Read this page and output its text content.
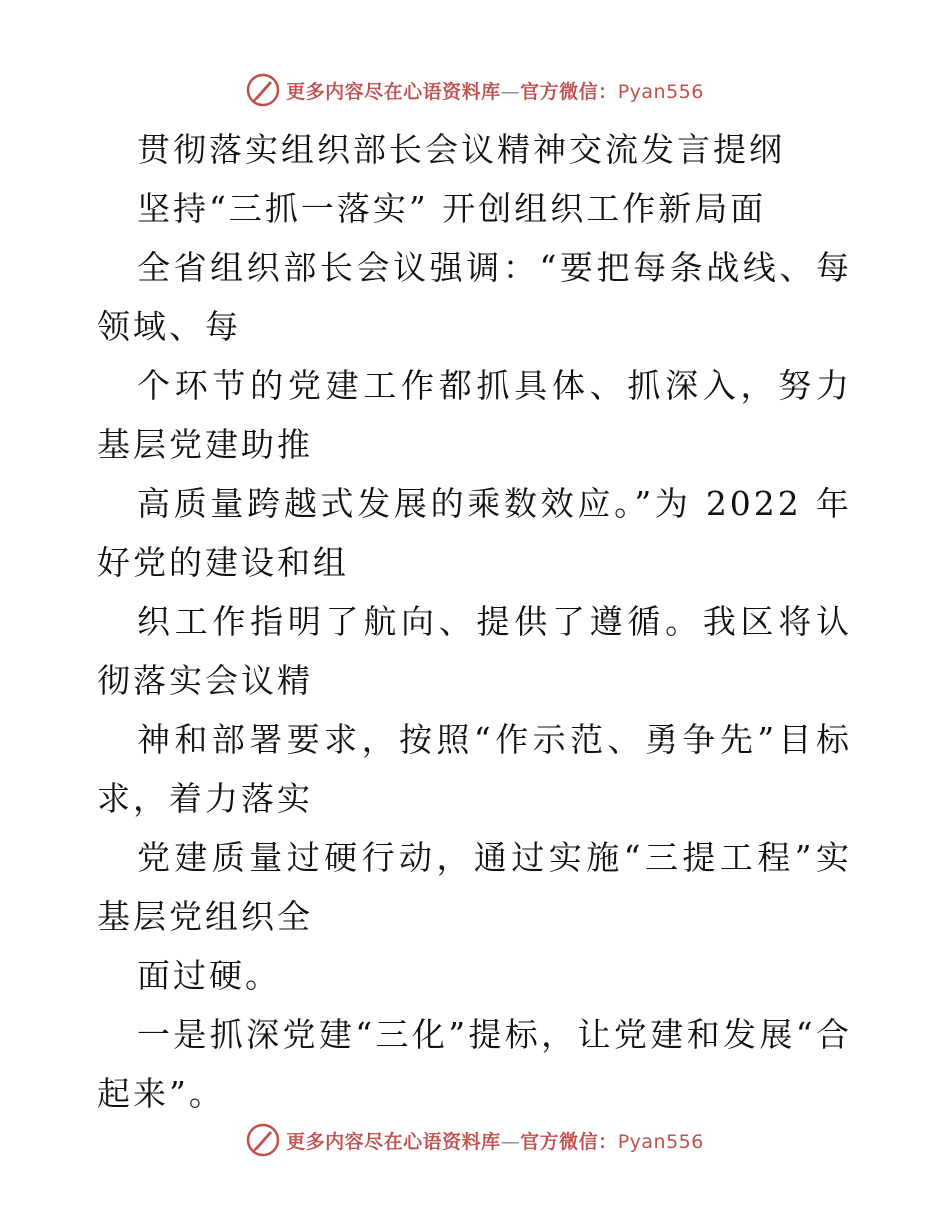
更多内容尽在心语资料库—官方微信：Pyan556
贯彻落实组织部长会议精神交流发言提纲
坚持“三抓一落实” 开创组织工作新局面
全省组织部长会议强调：“要把每条战线、每
领域、每
个环节的党建工作都抓具体、抓深入，努力
基层党建助推
高质量跨越式发展的乘数效应。”为 2022 年
好党的建设和组
织工作指明了航向、提供了遵循。我区将认
彻落实会议精
神和部署要求，按照“作示范、勇争先”目标
求，着力落实
党建质量过硬行动，通过实施“三提工程”实
基层党组织全
面过硬。
一是抓深党建“三化”提标，让党建和发展“合
起来”。
更多内容尽在心语资料库—官方微信：Pyan556
